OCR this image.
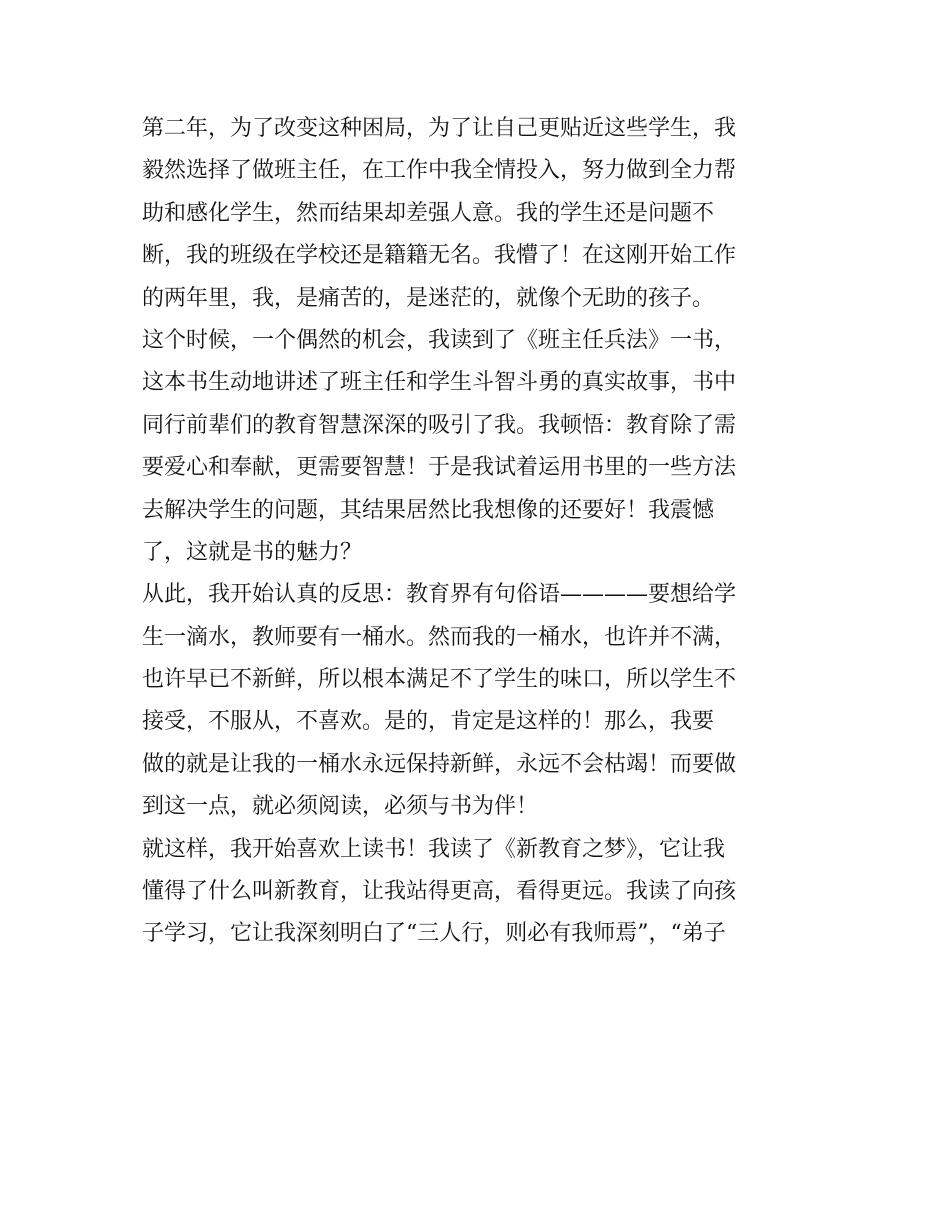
第二年，为了改变这种困局，为了让自己更贴近这些学生，我
毅然选择了做班主任，在工作中我全情投入，努力做到全力帮
助和感化学生，然而结果却差强人意。我的学生还是问题不
断，我的班级在学校还是籍籍无名。我懵了！在这刚开始工作
的两年里，我，是痛苦的，是迷茫的，就像个无助的孩子。
这个时候，一个偶然的机会，我读到了《班主任兵法》一书，
这本书生动地讲述了班主任和学生斗智斗勇的真实故事，书中
同行前辈们的教育智慧深深的吸引了我。我顿悟：教育除了需
要爱心和奉献，更需要智慧！于是我试着运用书里的一些方法
去解决学生的问题，其结果居然比我想像的还要好！我震憾
了，这就是书的魅力？
从此，我开始认真的反思：教育界有句俗语————要想给学
生一滴水，教师要有一桶水。然而我的一桶水，也许并不满，
也许早已不新鲜，所以根本满足不了学生的味口，所以学生不
接受，不服从，不喜欢。是的，肯定是这样的！那么，我要
做的就是让我的一桶水永远保持新鲜，永远不会枯竭！而要做
到这一点，就必须阅读，必须与书为伴！
就这样，我开始喜欢上读书！我读了《新教育之梦》，它让我
懂得了什么叫新教育，让我站得更高，看得更远。我读了向孩
子学习，它让我深刻明白了“三人行，则必有我师焉”，“弟子
